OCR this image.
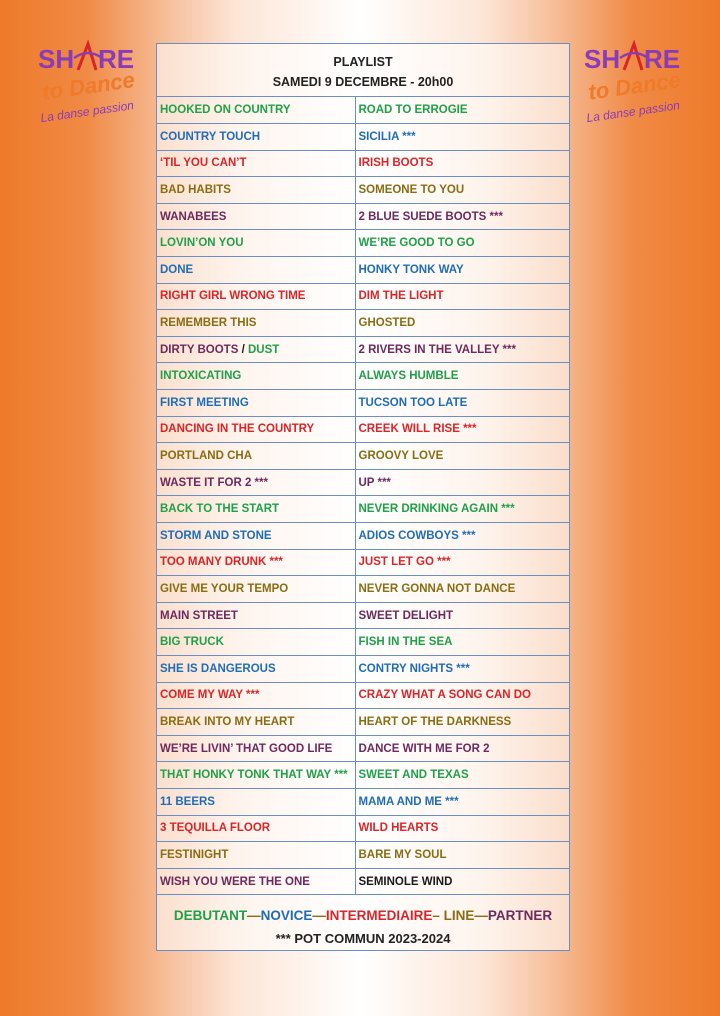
SH RE
to Dance
La danse passion
SH RE
to Dance
La danse passion
PLAYLIST
SAMEDI 9 DECEMBRE - 20h00
HOOKED ON COUNTRY	ROAD TO ERROGIE
COUNTRY TOUCH	SICILIA ***
‘TIL YOU CAN’T	IRISH BOOTS
BAD HABITS	SOMEONE TO YOU
WANABEES	2 BLUE SUEDE BOOTS ***
LOVIN’ON YOU	WE’RE GOOD TO GO
DONE	HONKY TONK WAY
RIGHT GIRL WRONG TIME	DIM THE LIGHT
REMEMBER THIS	GHOSTED
DIRTY BOOTS / DUST	2 RIVERS IN THE VALLEY ***
INTOXICATING	ALWAYS HUMBLE
FIRST MEETING	TUCSON TOO LATE
DANCING IN THE COUNTRY	CREEK WILL RISE ***
PORTLAND CHA	GROOVY LOVE
WASTE IT FOR 2 ***	UP ***
BACK TO THE START	NEVER DRINKING AGAIN ***
STORM AND STONE	ADIOS COWBOYS ***
TOO MANY DRUNK ***	JUST LET GO ***
GIVE ME YOUR TEMPO	NEVER GONNA NOT DANCE
MAIN STREET	SWEET DELIGHT
BIG TRUCK	FISH IN THE SEA
SHE IS DANGEROUS	CONTRY NIGHTS ***
COME MY WAY ***	CRAZY WHAT A SONG CAN DO
BREAK INTO MY HEART	HEART OF THE DARKNESS
WE’RE LIVIN’ THAT GOOD LIFE	DANCE WITH ME FOR 2
THAT HONKY TONK THAT WAY ***	SWEET AND TEXAS
11 BEERS	MAMA AND ME ***
3 TEQUILLA FLOOR	WILD HEARTS
FESTINIGHT	BARE MY SOUL
WISH YOU WERE THE ONE	SEMINOLE WIND
DEBUTANT—NOVICE—INTERMEDIAIRE– LINE—PARTNER
*** POT COMMUN 2023-2024
